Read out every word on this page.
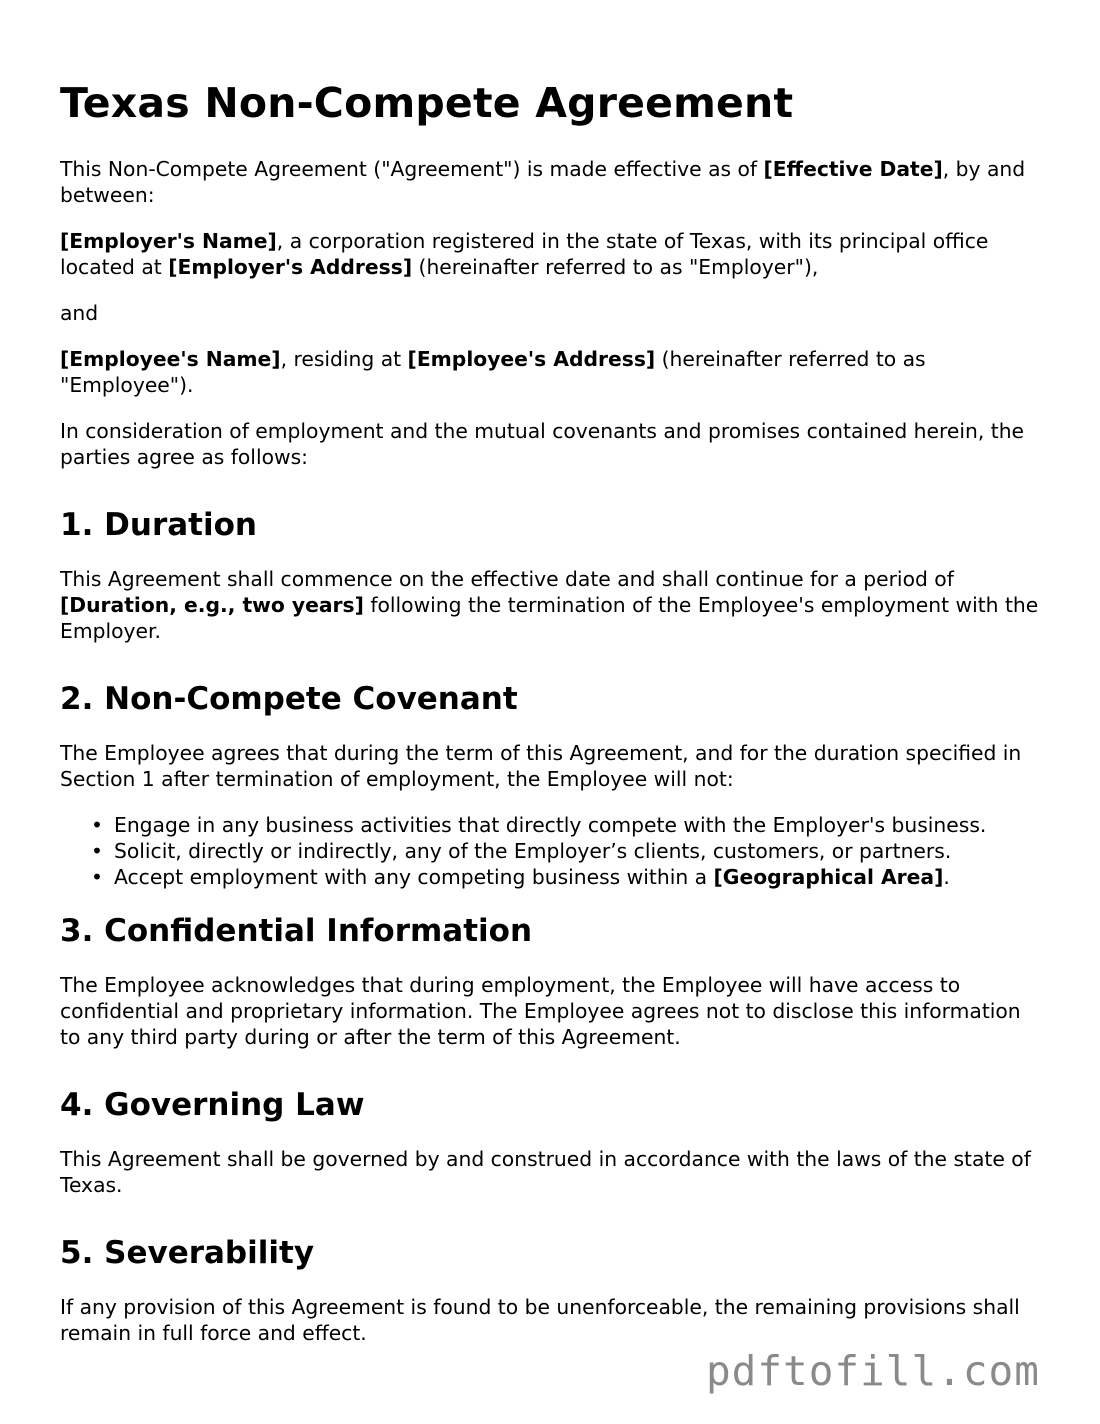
Texas Non-Compete Agreement

This Non-Compete Agreement ("Agreement") is made effective as of [Effective Date], by and between:

[Employer's Name], a corporation registered in the state of Texas, with its principal office located at [Employer's Address] (hereinafter referred to as "Employer"),

and

[Employee's Name], residing at [Employee's Address] (hereinafter referred to as "Employee").

In consideration of employment and the mutual covenants and promises contained herein, the parties agree as follows:

1. Duration

This Agreement shall commence on the effective date and shall continue for a period of [Duration, e.g., two years] following the termination of the Employee's employment with the Employer.

2. Non-Compete Covenant

The Employee agrees that during the term of this Agreement, and for the duration specified in Section 1 after termination of employment, the Employee will not:

• Engage in any business activities that directly compete with the Employer's business.
• Solicit, directly or indirectly, any of the Employer’s clients, customers, or partners.
• Accept employment with any competing business within a [Geographical Area].
3. Confidential Information

The Employee acknowledges that during employment, the Employee will have access to confidential and proprietary information. The Employee agrees not to disclose this information to any third party during or after the term of this Agreement.

4. Governing Law

This Agreement shall be governed by and construed in accordance with the laws of the state of Texas.

5. Severability

If any provision of this Agreement is found to be unenforceable, the remaining provisions shall remain in full force and effect.

pdftofill.com
